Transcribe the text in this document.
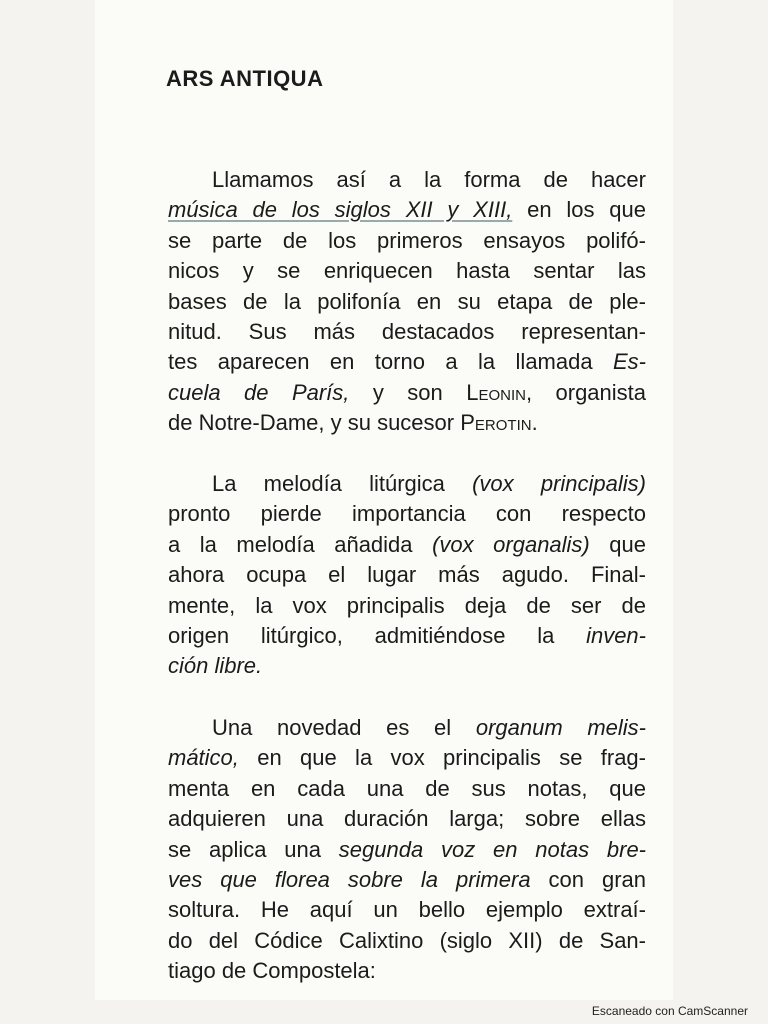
ARS ANTIQUA
Llamamos así a la forma de hacer
música de los siglos XII y XIII, en los que
se parte de los primeros ensayos polifó-
nicos y se enriquecen hasta sentar las
bases de la polifonía en su etapa de ple-
nitud. Sus más destacados representan-
tes aparecen en torno a la llamada Es-
cuela de París, y son Leonin, organista
de Notre-Dame, y su sucesor Perotin.
La melodía litúrgica (vox principalis)
pronto pierde importancia con respecto
a la melodía añadida (vox organalis) que
ahora ocupa el lugar más agudo. Final-
mente, la vox principalis deja de ser de
origen litúrgico, admitiéndose la inven-
ción libre.
Una novedad es el organum melis-
mático, en que la vox principalis se frag-
menta en cada una de sus notas, que
adquieren una duración larga; sobre ellas
se aplica una segunda voz en notas bre-
ves que florea sobre la primera con gran
soltura. He aquí un bello ejemplo extraí-
do del Códice Calixtino (siglo XII) de San-
tiago de Compostela:
Escaneado con CamScanner
